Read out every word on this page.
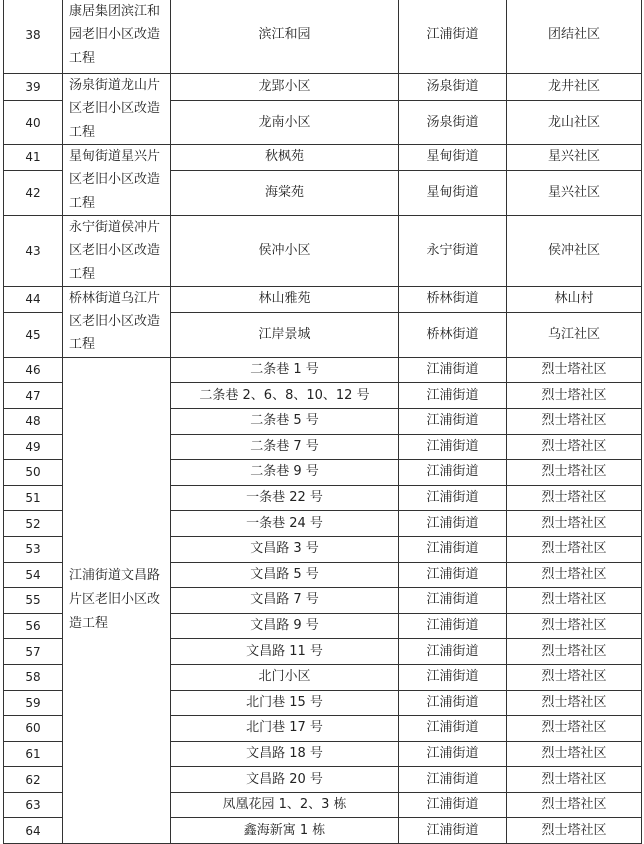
38	康居集团滨江和园老旧小区改造工程	滨江和园	江浦街道	团结社区
39	汤泉街道龙山片区老旧小区改造工程	龙郢小区	汤泉街道	龙井社区
40		龙南小区	汤泉街道	龙山社区
41	星甸街道星兴片区老旧小区改造工程	秋枫苑	星甸街道	星兴社区
42		海棠苑	星甸街道	星兴社区
43	永宁街道侯冲片区老旧小区改造工程	侯冲小区	永宁街道	侯冲社区
44	桥林街道乌江片区老旧小区改造工程	林山雅苑	桥林街道	林山村
45		江岸景城	桥林街道	乌江社区
46	江浦街道文昌路片区老旧小区改造工程	二条巷 1 号	江浦街道	烈士塔社区
47		二条巷 2、6、8、10、12 号	江浦街道	烈士塔社区
48		二条巷 5 号	江浦街道	烈士塔社区
49		二条巷 7 号	江浦街道	烈士塔社区
50		二条巷 9 号	江浦街道	烈士塔社区
51		一条巷 22 号	江浦街道	烈士塔社区
52		一条巷 24 号	江浦街道	烈士塔社区
53		文昌路 3 号	江浦街道	烈士塔社区
54		文昌路 5 号	江浦街道	烈士塔社区
55		文昌路 7 号	江浦街道	烈士塔社区
56		文昌路 9 号	江浦街道	烈士塔社区
57		文昌路 11 号	江浦街道	烈士塔社区
58		北门小区	江浦街道	烈士塔社区
59		北门巷 15 号	江浦街道	烈士塔社区
60		北门巷 17 号	江浦街道	烈士塔社区
61		文昌路 18 号	江浦街道	烈士塔社区
62		文昌路 20 号	江浦街道	烈士塔社区
63		凤凰花园 1、2、3 栋	江浦街道	烈士塔社区
64		鑫海新寓 1 栋	江浦街道	烈士塔社区
